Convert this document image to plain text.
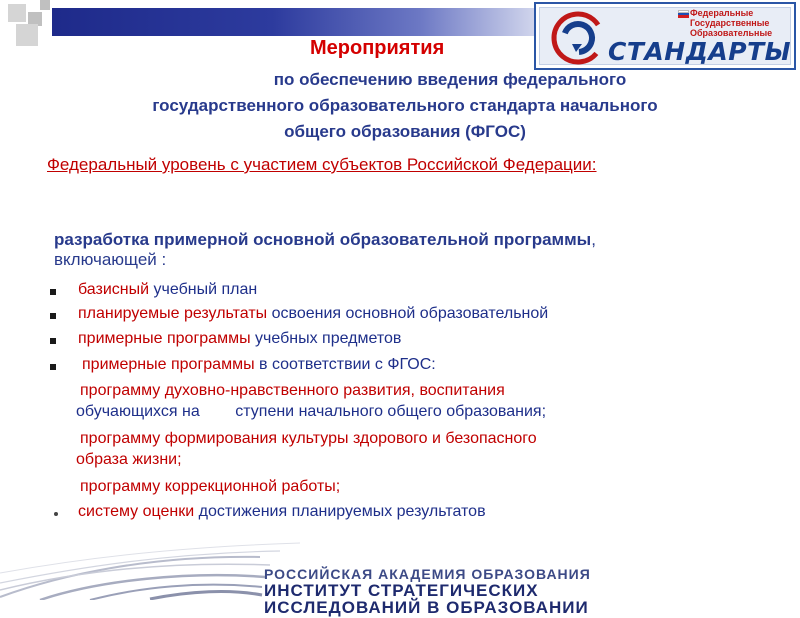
Федеральные
Государственные
Образовательные
СТАНДАРТЫ
Мероприятия
по обеспечению введения федерального
государственного образовательного стандарта начального
общего образования (ФГОС)
Федеральный уровень с участием субъектов Российской Федерации:
разработка примерной основной образовательной программы, включающей :
базисный учебный план
планируемые результаты освоения основной образовательной
примерные программы учебных предметов
примерные программы в соответствии с ФГОС:
программу духовно-нравственного развития, воспитания
обучающихся на        ступени начального общего образования;
программу формирования культуры здорового и безопасного
образа жизни;
программу коррекционной работы;
систему оценки достижения планируемых результатов
РОССИЙСКАЯ АКАДЕМИЯ ОБРАЗОВАНИЯ
ИНСТИТУТ СТРАТЕГИЧЕСКИХ
ИССЛЕДОВАНИЙ В ОБРАЗОВАНИИ
